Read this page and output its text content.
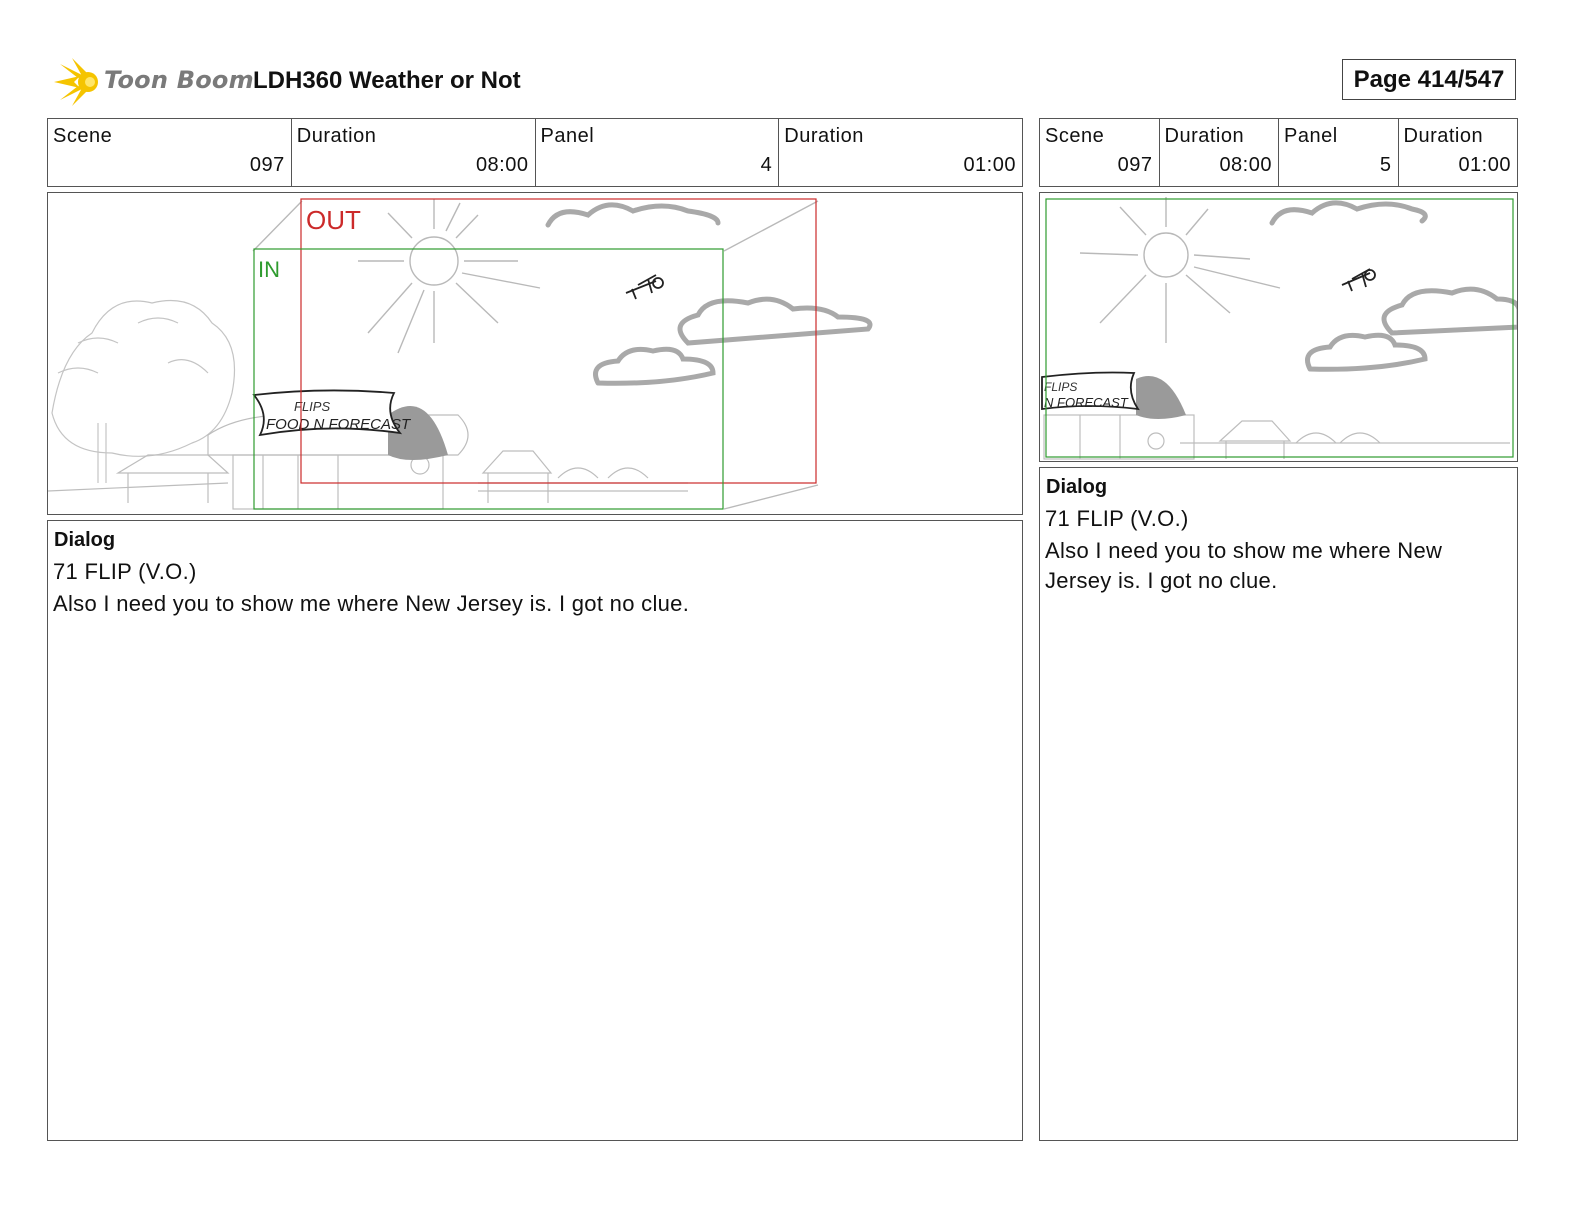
Toon Boom LDH360 Weather or Not	Page 414/547
Scene
097
Duration
08:00
Panel
4
Duration
01:00
FLIPS
FOOD N FORECAST
OUT
IN
Dialog
71 FLIP (V.O.)
Also I need you to show me where New Jersey is. I got no clue.
Scene
097
Duration
08:00
Panel
5
Duration
01:00
FLIPS
N FORECAST
Dialog
71 FLIP (V.O.)
Also I need you to show me where New Jersey is. I got no clue.
